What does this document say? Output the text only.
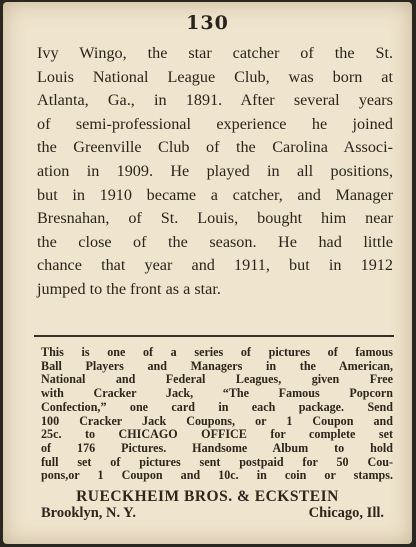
130
Ivy Wingo, the star catcher of the St.
Louis National League Club, was born at
Atlanta, Ga., in 1891. After several years
of semi-professional experience he joined
the Greenville Club of the Carolina Associ-
ation in 1909. He played in all positions,
but in 1910 became a catcher, and Manager
Bresnahan, of St. Louis, bought him near
the close of the season. He had little
chance that year and 1911, but in 1912
jumped to the front as a star.
This is one of a series of pictures of famous
Ball Players and Managers in the American,
National and Federal Leagues, given Free
with Cracker Jack, “The Famous Popcorn
Confection,” one card in each package. Send
100 Cracker Jack Coupons, or 1 Coupon and
25c. to CHICAGO OFFICE for complete set
of 176 Pictures. Handsome Album to hold
full set of pictures sent postpaid for 50 Cou-
pons,or 1 Coupon and 10c. in coin or stamps.
RUECKHEIM BROS. & ECKSTEIN
Brooklyn, N. Y.	Chicago, Ill.
